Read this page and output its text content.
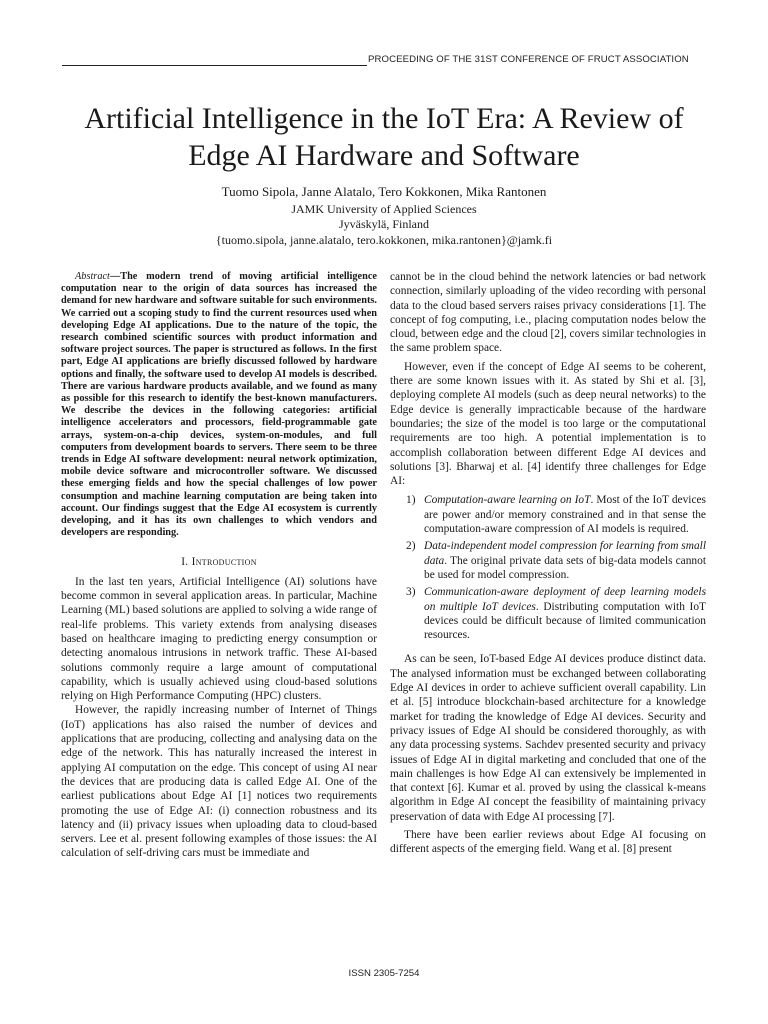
PROCEEDING OF THE 31ST CONFERENCE OF FRUCT ASSOCIATION
Artificial Intelligence in the IoT Era: A Review of
Edge AI Hardware and Software
Tuomo Sipola, Janne Alatalo, Tero Kokkonen, Mika Rantonen
JAMK University of Applied Sciences
Jyväskylä, Finland
{tuomo.sipola, janne.alatalo, tero.kokkonen, mika.rantonen}@jamk.fi

Abstract—The modern trend of moving artificial intelligence computation near to the origin of data sources has increased the demand for new hardware and software suitable for such environments. We carried out a scoping study to find the current resources used when developing Edge AI applications. Due to the nature of the topic, the research combined scientific sources with product information and software project sources. The paper is structured as follows. In the first part, Edge AI applications are briefly discussed followed by hardware options and finally, the software used to develop AI models is described. There are various hardware products available, and we found as many as possible for this research to identify the best-known manufacturers. We describe the devices in the following categories: artificial intelligence accelerators and processors, field-programmable gate arrays, system-on-a-chip devices, system-on-modules, and full computers from development boards to servers. There seem to be three trends in Edge AI software development: neural network optimization, mobile device software and microcontroller software. We discussed these emerging fields and how the special challenges of low power consumption and machine learning computation are being taken into account. Our findings suggest that the Edge AI ecosystem is currently developing, and it has its own challenges to which vendors and developers are responding.

I. Introduction

In the last ten years, Artificial Intelligence (AI) solutions have become common in several application areas. In particular, Machine Learning (ML) based solutions are applied to solving a wide range of real-life problems. This variety extends from analysing diseases based on healthcare imaging to predicting energy consumption or detecting anomalous intrusions in network traffic. These AI-based solutions commonly require a large amount of computational capability, which is usually achieved using cloud-based solutions relying on High Performance Computing (HPC) clusters.

However, the rapidly increasing number of Internet of Things (IoT) applications has also raised the number of devices and applications that are producing, collecting and analysing data on the edge of the network. This has naturally increased the interest in applying AI computation on the edge. This concept of using AI near the devices that are producing data is called Edge AI. One of the earliest publications about Edge AI [1] notices two requirements promoting the use of Edge AI: (i) connection robustness and its latency and (ii) privacy issues when uploading data to cloud-based servers. Lee et al. present following examples of those issues: the AI calculation of self-driving cars must be immediate and

cannot be in the cloud behind the network latencies or bad network connection, similarly uploading of the video recording with personal data to the cloud based servers raises privacy considerations [1]. The concept of fog computing, i.e., placing computation nodes below the cloud, between edge and the cloud [2], covers similar technologies in the same problem space.

However, even if the concept of Edge AI seems to be coherent, there are some known issues with it. As stated by Shi et al. [3], deploying complete AI models (such as deep neural networks) to the Edge device is generally impracticable because of the hardware boundaries; the size of the model is too large or the computational requirements are too high. A potential implementation is to accomplish collaboration between different Edge AI devices and solutions [3]. Bharwaj et al. [4] identify three challenges for Edge AI:

1) Computation-aware learning on IoT. Most of the IoT devices are power and/or memory constrained and in that sense the computation-aware compression of AI models is required.
2) Data-independent model compression for learning from small data. The original private data sets of big-data models cannot be used for model compression.
3) Communication-aware deployment of deep learning models on multiple IoT devices. Distributing computation with IoT devices could be difficult because of limited communication resources.

As can be seen, IoT-based Edge AI devices produce distinct data. The analysed information must be exchanged between collaborating Edge AI devices in order to achieve sufficient overall capability. Lin et al. [5] introduce blockchain-based architecture for a knowledge market for trading the knowledge of Edge AI devices. Security and privacy issues of Edge AI should be considered thoroughly, as with any data processing systems. Sachdev presented security and privacy issues of Edge AI in digital marketing and concluded that one of the main challenges is how Edge AI can extensively be implemented in that context [6]. Kumar et al. proved by using the classical k-means algorithm in Edge AI concept the feasibility of maintaining privacy preservation of data with Edge AI processing [7].

There have been earlier reviews about Edge AI focusing on different aspects of the emerging field. Wang et al. [8] present

ISSN 2305-7254
